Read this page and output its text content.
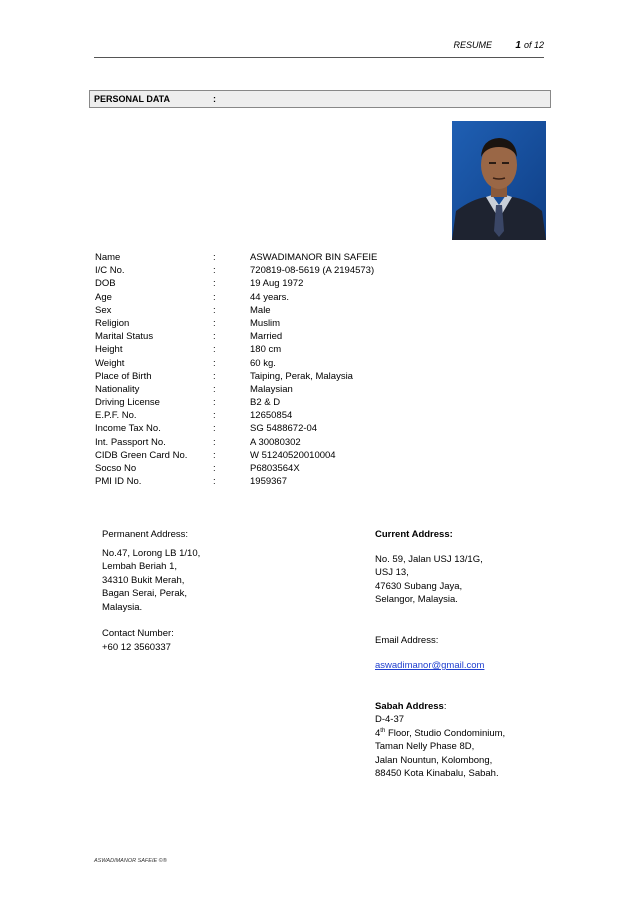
RESUME 1 of 12
PERSONAL DATA	:
Name	:	ASWADIMANOR BIN SAFEIE
I/C No.	:	720819-08-5619 (A 2194573)
DOB	:	19 Aug 1972
Age	:	44 years.
Sex	:	Male
Religion	:	Muslim
Marital Status	:	Married
Height	:	180 cm
Weight	:	60 kg.
Place of Birth	:	Taiping, Perak, Malaysia
Nationality	:	Malaysian
Driving License	:	B2 & D
E.P.F. No.	:	12650854
Income Tax No.	:	SG 5488672-04
Int. Passport No.	:	A 30080302
CIDB Green Card No.	:	W 51240520010004
Socso No	:	P6803564X
PMI ID No.	:	1959367
Permanent Address:
No.47, Lorong LB 1/10,
Lembah Beriah 1,
34310 Bukit Merah,
Bagan Serai, Perak,
Malaysia.
Contact Number:
+60 12 3560337
Current Address:
No. 59, Jalan USJ 13/1G,
USJ 13,
47630 Subang Jaya,
Selangor, Malaysia.
Email Address:
aswadimanor@gmail.com
Sabah Address:
D-4-37
4th Floor, Studio Condominium,
Taman Nelly Phase 8D,
Jalan Nountun, Kolombong,
88450 Kota Kinabalu, Sabah.
ASWADIMANOR SAFEIE ©®
